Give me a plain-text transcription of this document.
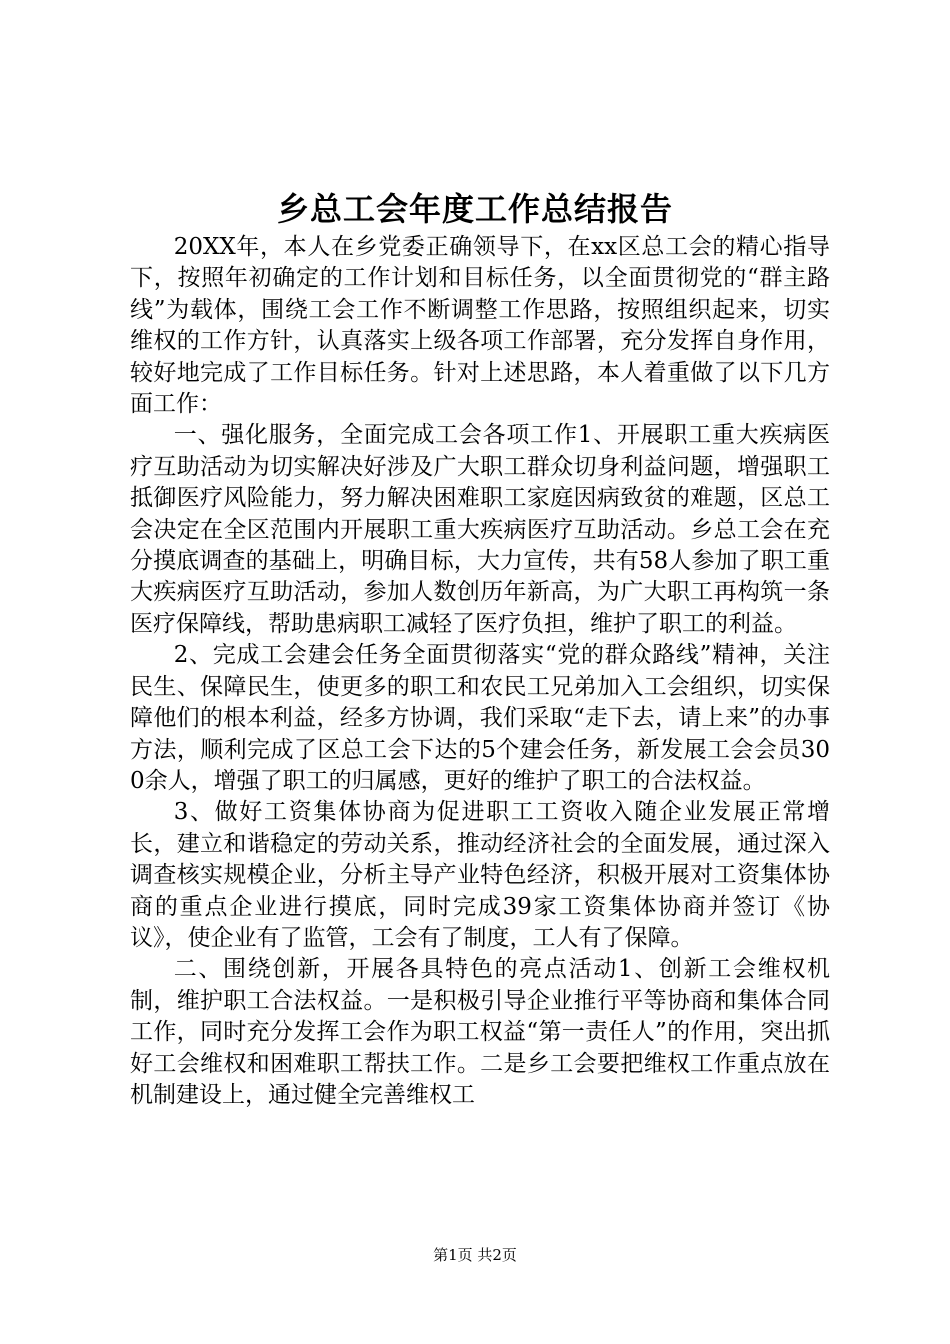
乡总工会年度工作总结报告

20XX年，本人在乡党委正确领导下，在xx区总工会的精心指导下，按照年初确定的工作计划和目标任务，以全面贯彻党的“群主路线”为载体，围绕工会工作不断调整工作思路，按照组织起来，切实维权的工作方针，认真落实上级各项工作部署，充分发挥自身作用，较好地完成了工作目标任务。针对上述思路，本人着重做了以下几方面工作：

一、强化服务，全面完成工会各项工作1、开展职工重大疾病医疗互助活动为切实解决好涉及广大职工群众切身利益问题，增强职工抵御医疗风险能力，努力解决困难职工家庭因病致贫的难题，区总工会决定在全区范围内开展职工重大疾病医疗互助活动。乡总工会在充分摸底调查的基础上，明确目标，大力宣传，共有58人参加了职工重大疾病医疗互助活动，参加人数创历年新高，为广大职工再构筑一条医疗保障线，帮助患病职工减轻了医疗负担，维护了职工的利益。

2、完成工会建会任务全面贯彻落实“党的群众路线”精神，关注民生、保障民生，使更多的职工和农民工兄弟加入工会组织，切实保障他们的根本利益，经多方协调，我们采取“走下去，请上来”的办事方法，顺利完成了区总工会下达的5个建会任务，新发展工会会员300余人，增强了职工的归属感，更好的维护了职工的合法权益。

3、做好工资集体协商为促进职工工资收入随企业发展正常增长，建立和谐稳定的劳动关系，推动经济社会的全面发展，通过深入调查核实规模企业，分析主导产业特色经济，积极开展对工资集体协商的重点企业进行摸底，同时完成39家工资集体协商并签订《协议》，使企业有了监管，工会有了制度，工人有了保障。

二、围绕创新，开展各具特色的亮点活动1、创新工会维权机制，维护职工合法权益。一是积极引导企业推行平等协商和集体合同工作，同时充分发挥工会作为职工权益“第一责任人”的作用，突出抓好工会维权和困难职工帮扶工作。二是乡工会要把维权工作重点放在机制建设上，通过健全完善维权工

第1页 共2页
